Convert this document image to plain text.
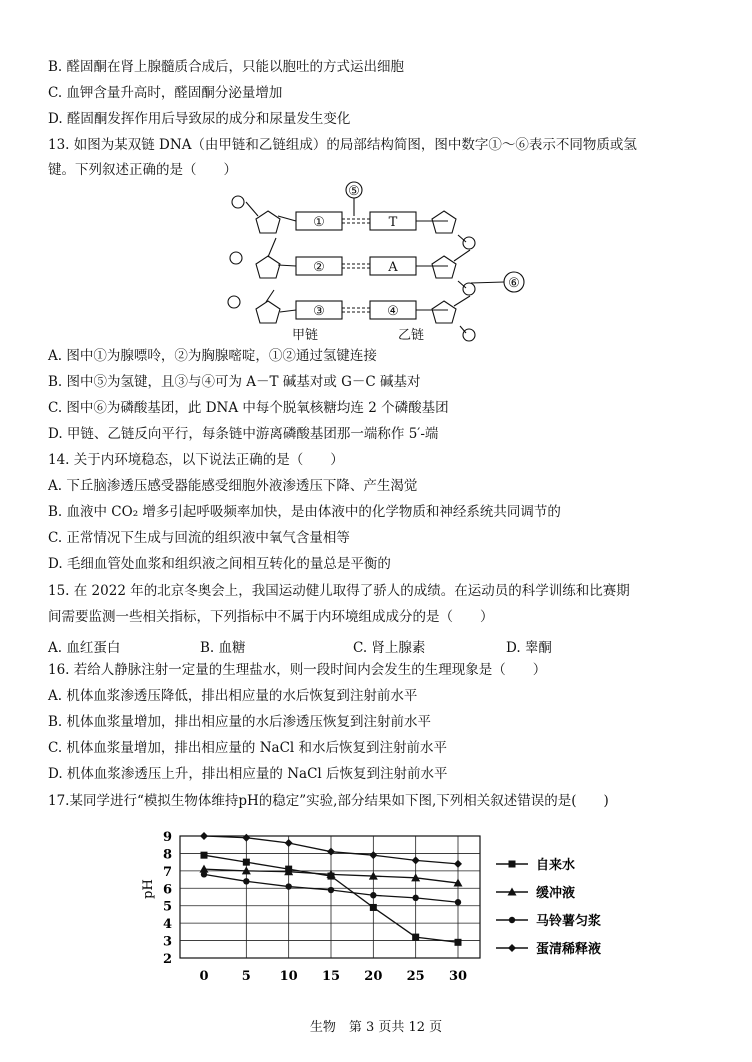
B. 醛固酮在肾上腺髓质合成后，只能以胞吐的方式运出细胞
C. 血钾含量升高时，醛固酮分泌量增加
D. 醛固酮发挥作用后导致尿的成分和尿量发生变化
13. 如图为某双链 DNA（由甲链和乙链组成）的局部结构简图，图中数字①～⑥表示不同物质或氢
键。下列叙述正确的是（　　）
A. 图中①为腺嘌呤，②为胸腺嘧啶，①②通过氢键连接
B. 图中⑤为氢键，且③与④可为 A－T 碱基对或 G－C 碱基对
C. 图中⑥为磷酸基团，此 DNA 中每个脱氧核糖均连 2 个磷酸基团
D. 甲链、乙链反向平行，每条链中游离磷酸基团那一端称作 5′-端
14. 关于内环境稳态，以下说法正确的是（　　）
A. 下丘脑渗透压感受器能感受细胞外液渗透压下降、产生渴觉
B. 血液中 CO₂ 增多引起呼吸频率加快，是由体液中的化学物质和神经系统共同调节的
C. 正常情况下生成与回流的组织液中氧气含量相等
D. 毛细血管处血浆和组织液之间相互转化的量总是平衡的
15. 在 2022 年的北京冬奥会上，我国运动健儿取得了骄人的成绩。在运动员的科学训练和比赛期
间需要监测一些相关指标，下列指标中不属于内环境组成成分的是（　　）
A. 血红蛋白	B. 血糖	C. 肾上腺素	D. 睾酮
16. 若给人静脉注射一定量的生理盐水，则一段时间内会发生的生理现象是（　　）
A. 机体血浆渗透压降低，排出相应量的水后恢复到注射前水平
B. 机体血浆量增加，排出相应量的水后渗透压恢复到注射前水平
C. 机体血浆量增加，排出相应量的 NaCl 和水后恢复到注射前水平
D. 机体血浆渗透压上升，排出相应量的 NaCl 后恢复到注射前水平
17.某同学进行“模拟生物体维持pH的稳定”实验,部分结果如下图,下列相关叙述错误的是(　　)
①
②
③
T
A
④
⑤
⑥
甲链	乙链
2
3
4
5
6
7
8
9
0	5 10 15 20 25 30
自来水
缓冲液
马铃薯匀浆
蛋清稀释液
pH
生物　第 3 页共 12 页
